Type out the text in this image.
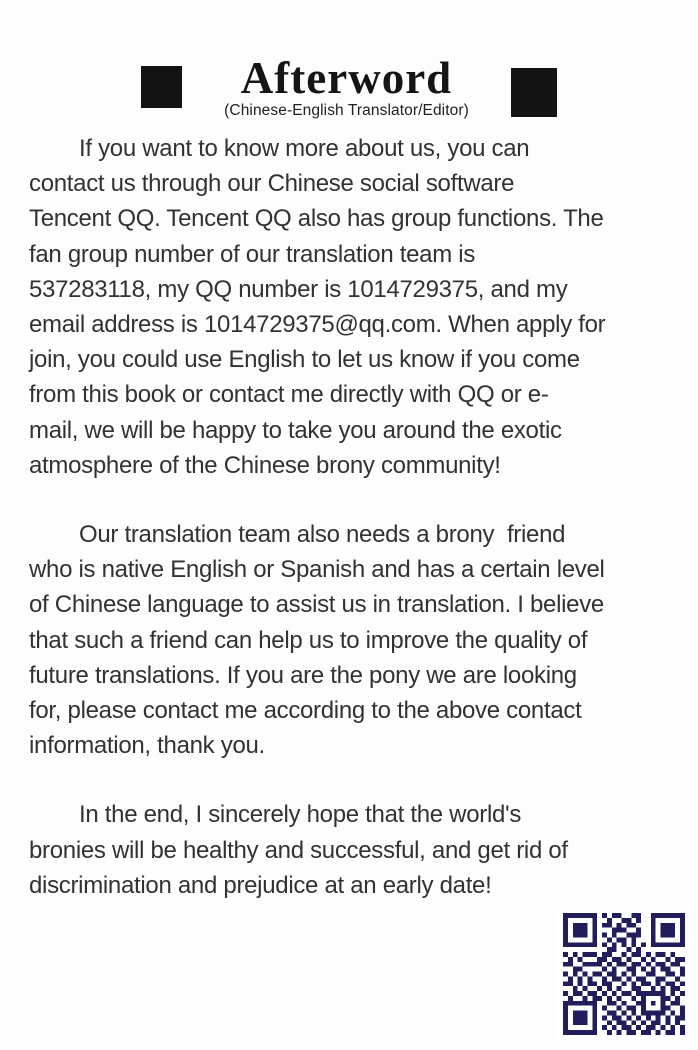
Afterword
(Chinese-English Translator/Editor)
If you want to know more about us, you can
contact us through our Chinese social software
Tencent QQ. Tencent QQ also has group functions. The
fan group number of our translation team is
537283118, my QQ number is 1014729375, and my
email address is 1014729375@qq.com. When apply for
join, you could use English to let us know if you come
from this book or contact me directly with QQ or e-
mail, we will be happy to take you around the exotic
atmosphere of the Chinese brony community!
Our translation team also needs a brony  friend
who is native English or Spanish and has a certain level
of Chinese language to assist us in translation. I believe
that such a friend can help us to improve the quality of
future translations. If you are the pony we are looking
for, please contact me according to the above contact
information, thank you.
In the end, I sincerely hope that the world's
bronies will be healthy and successful, and get rid of
discrimination and prejudice at an early date!
